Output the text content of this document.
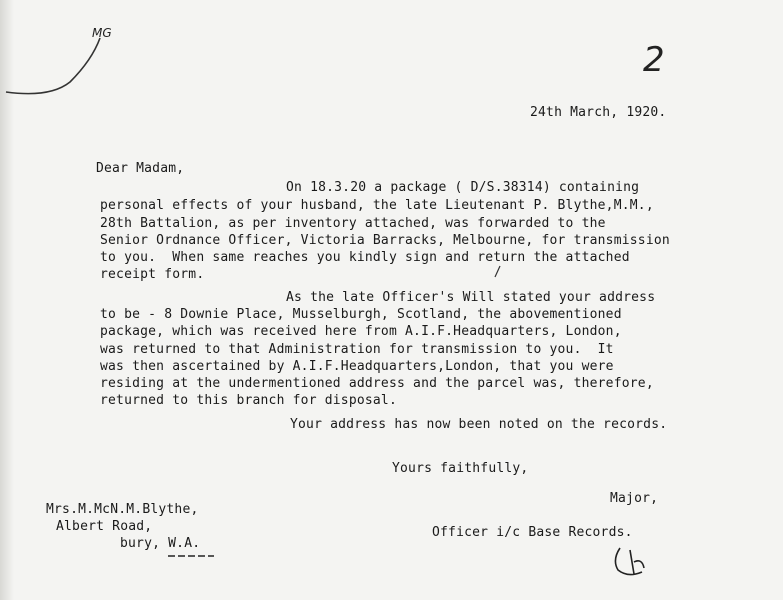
MG
2
24th March, 1920.
Dear Madam,
On 18.3.20 a package ( D/S.38314) containing
personal effects of your husband, the late Lieutenant P. Blythe,M.M.,
28th Battalion, as per inventory attached, was forwarded to the
Senior Ordnance Officer, Victoria Barracks, Melbourne, for transmission
to you.  When same reaches you kindly sign and return the attached
receipt form.
As the late Officer's Will stated your address
to be - 8 Downie Place, Musselburgh, Scotland, the abovementioned
package, which was received here from A.I.F.Headquarters, London,
was returned to that Administration for transmission to you.  It
was then ascertained by A.I.F.Headquarters,London, that you were
residing at the undermentioned address and the parcel was, therefore,
returned to this branch for disposal.
Your address has now been noted on the records.
Yours faithfully,
Major,
Officer i/c Base Records.
Mrs.M.McN.M.Blythe,
Albert Road,
bury, W.A.
